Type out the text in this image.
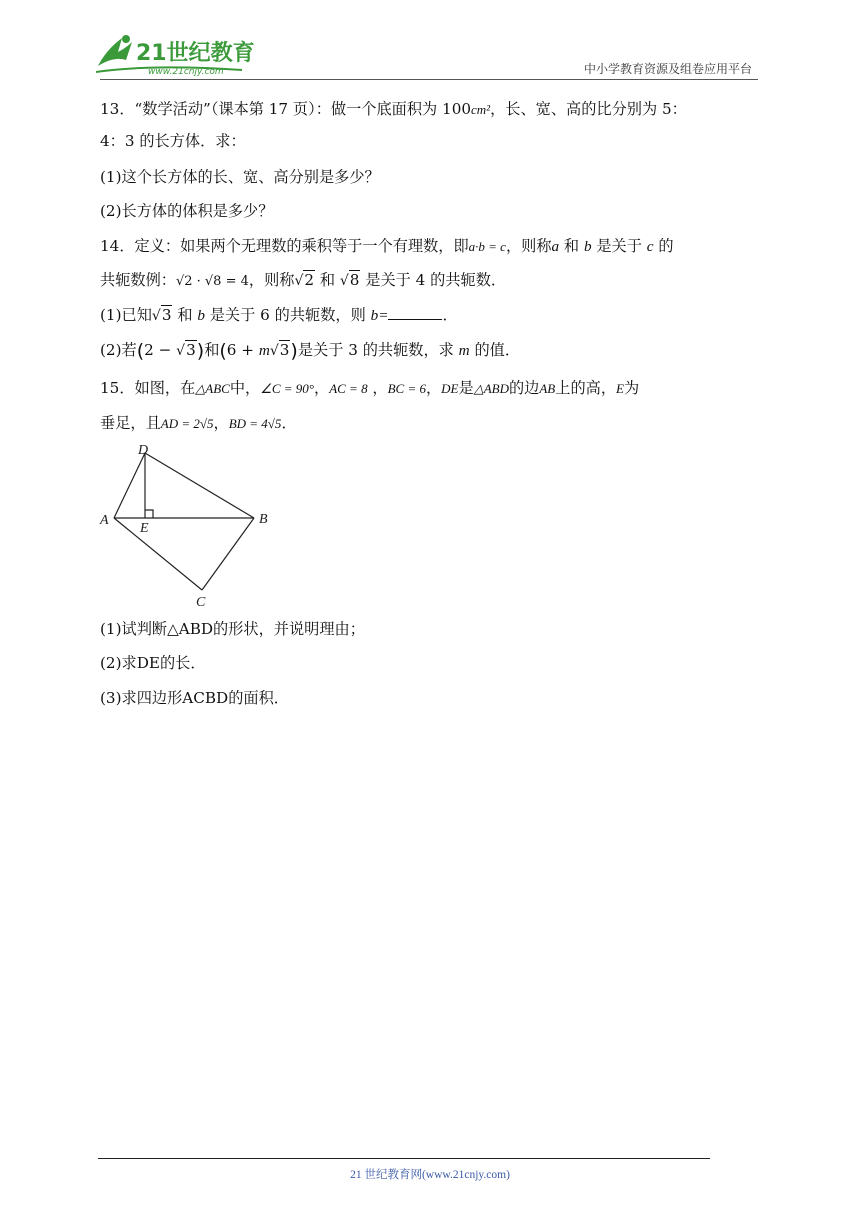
21世纪教育
www.21cnjy.com	中小学教育资源及组卷应用平台
13．“数学活动”（课本第 17 页）：做一个底面积为 100cm²，长、宽、高的比分别为 5：
4：3 的长方体．求：
(1)这个长方体的长、宽、高分别是多少？
(2)长方体的体积是多少？
14．定义：如果两个无理数的乘积等于一个有理数，即a·b = c，则称a 和 b 是关于 c 的
共轭数例：√2 · √8 = 4，则称√2 和 √8 是关于 4 的共轭数．
(1)已知√3 和 b 是关于 6 的共轭数，则 b=	．
(2)若(2 − √3)和(6 + m√3)是关于 3 的共轭数，求 m 的值．
15．如图，在△ABC中，∠C = 90°，AC = 8 ，BC = 6，DE是△ABD的边AB上的高，E为
垂足，且AD = 2√5，BD = 4√5．
(1)试判断△ABD的形状，并说明理由；
(2)求DE的长．
(3)求四边形ACBD的面积．
A
D
B
E
C
21 世纪教育网(www.21cnjy.com)
